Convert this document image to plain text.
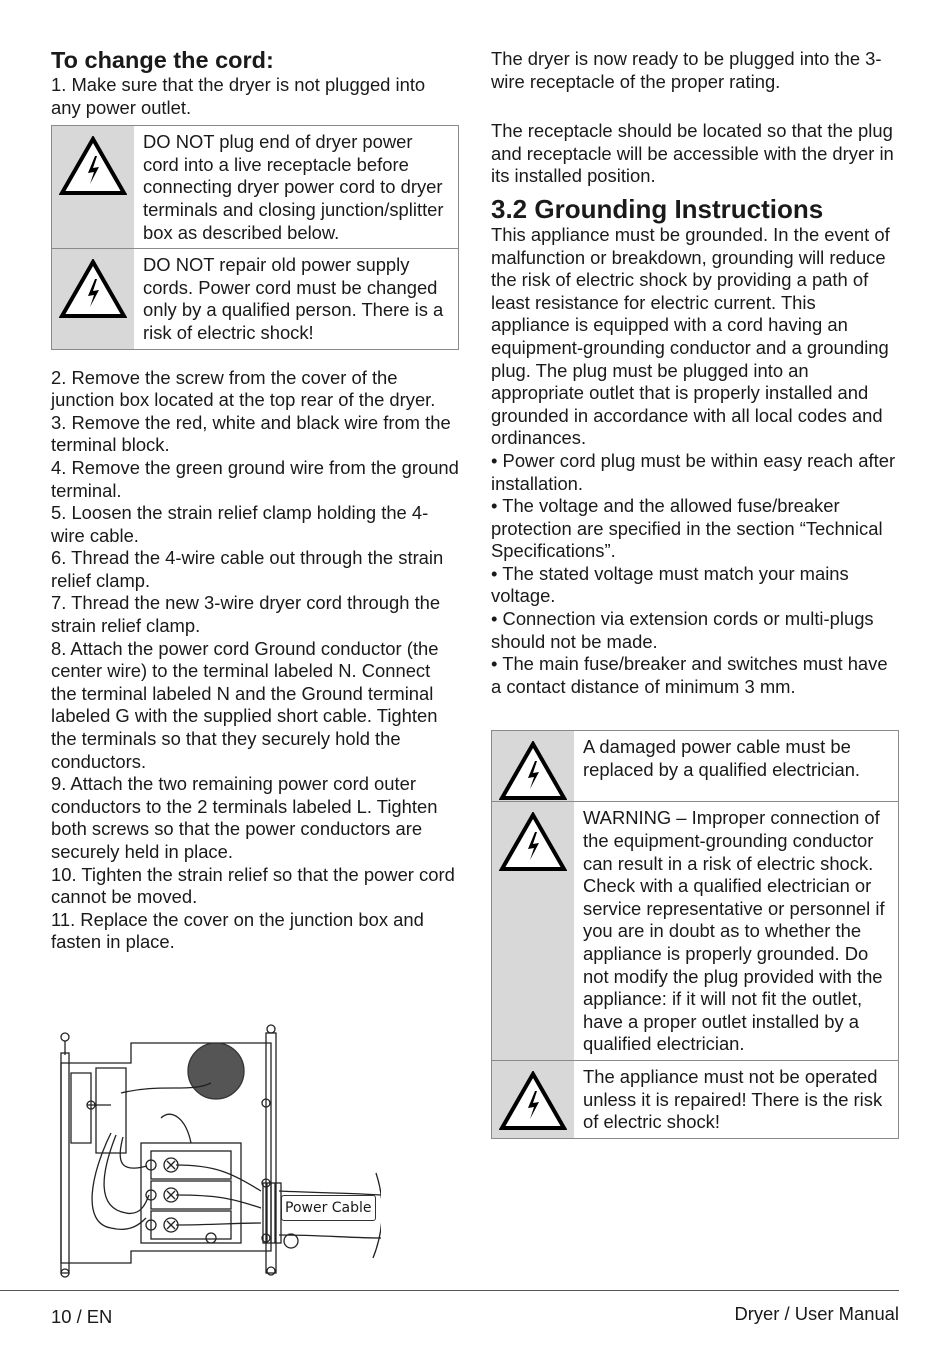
To change the cord:

1. Make sure that the dryer is not plugged into any power outlet.

DO NOT plug end of dryer power cord into a live receptacle before connecting dryer power cord to dryer terminals and closing junction/splitter box as described below.
DO NOT repair old power supply cords. Power cord must be changed only by a qualified person. There is a risk of electric shock!

2. Remove the screw from the cover of the junction box located at the top rear of the dryer.

3. Remove the red, white and black wire from the terminal block.

4. Remove the green ground wire from the ground terminal.

5. Loosen the strain relief clamp holding the 4-wire cable.

6. Thread the 4-wire cable out through the strain relief clamp.

7. Thread the new 3-wire dryer cord through the strain relief clamp.

8. Attach the power cord Ground conductor (the center wire) to the terminal labeled N. Connect the terminal labeled N and the Ground terminal labeled G with the supplied short cable. Tighten the terminals so that they securely hold the conductors.

9. Attach the two remaining power cord outer conductors to the 2 terminals labeled L. Tighten both screws so that the power conductors are securely held in place.

10. Tighten the strain relief so that the power cord cannot be moved.

11. Replace the cover on the junction box and fasten in place.

Power Cable

The dryer is now ready to be plugged into the 3-wire receptacle of the proper rating.

The receptacle should be located so that the plug and receptacle will be accessible with the dryer in its installed position.

3.2 Grounding Instructions

This appliance must be grounded. In the event of malfunction or breakdown, grounding will reduce the risk of electric shock by providing a path of least resistance for electric current. This appliance is equipped with a cord having an equipment-grounding conductor and a grounding plug. The plug must be plugged into an appropriate outlet that is properly installed and grounded in accordance with all local codes and ordinances.

• Power cord plug must be within easy reach after installation.

• The voltage and the allowed fuse/breaker protection are specified in the section “Technical Specifications”.

• The stated voltage must match your mains voltage.

• Connection via extension cords or multi-plugs should not be made.

• The main fuse/breaker and switches must have a contact distance of minimum 3 mm.

A damaged power cable must be replaced by a qualified electrician.
WARNING – Improper connection of the equipment-grounding conductor can result in a risk of electric shock. Check with a qualified electrician or service representative or personnel if you are in doubt as to whether the appliance is properly grounded. Do not modify the plug provided with the appliance: if it will not fit the outlet, have a proper outlet installed by a qualified electrician.
The appliance must not be operated unless it is repaired! There is the risk of electric shock!
10 / EN	Dryer / User Manual
